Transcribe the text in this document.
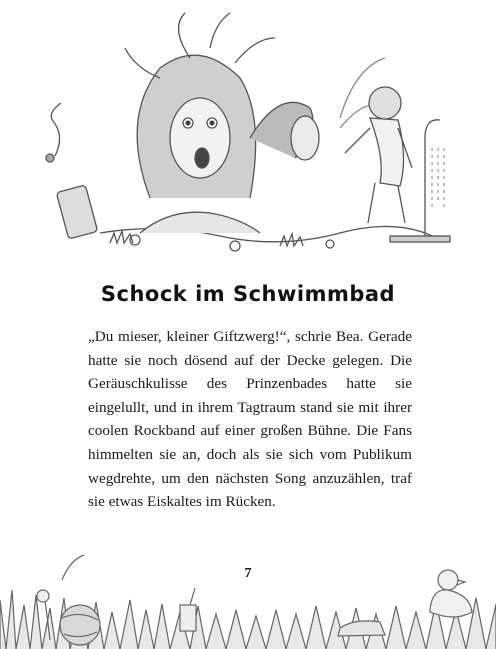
Schock im Schwimmbad

„Du mieser, kleiner Giftzwerg!“, schrie Bea. Gerade hatte sie noch dösend auf der Decke gelegen. Die Geräuschkulisse des Prinzenbades hatte sie eingelullt, und in ihrem Tagtraum stand sie mit ihrer coolen Rockband auf einer großen Bühne. Die Fans himmelten sie an, doch als sie sich vom Publikum wegdrehte, um den nächsten Song anzuzählen, traf sie etwas Eiskaltes im Rücken.

7
